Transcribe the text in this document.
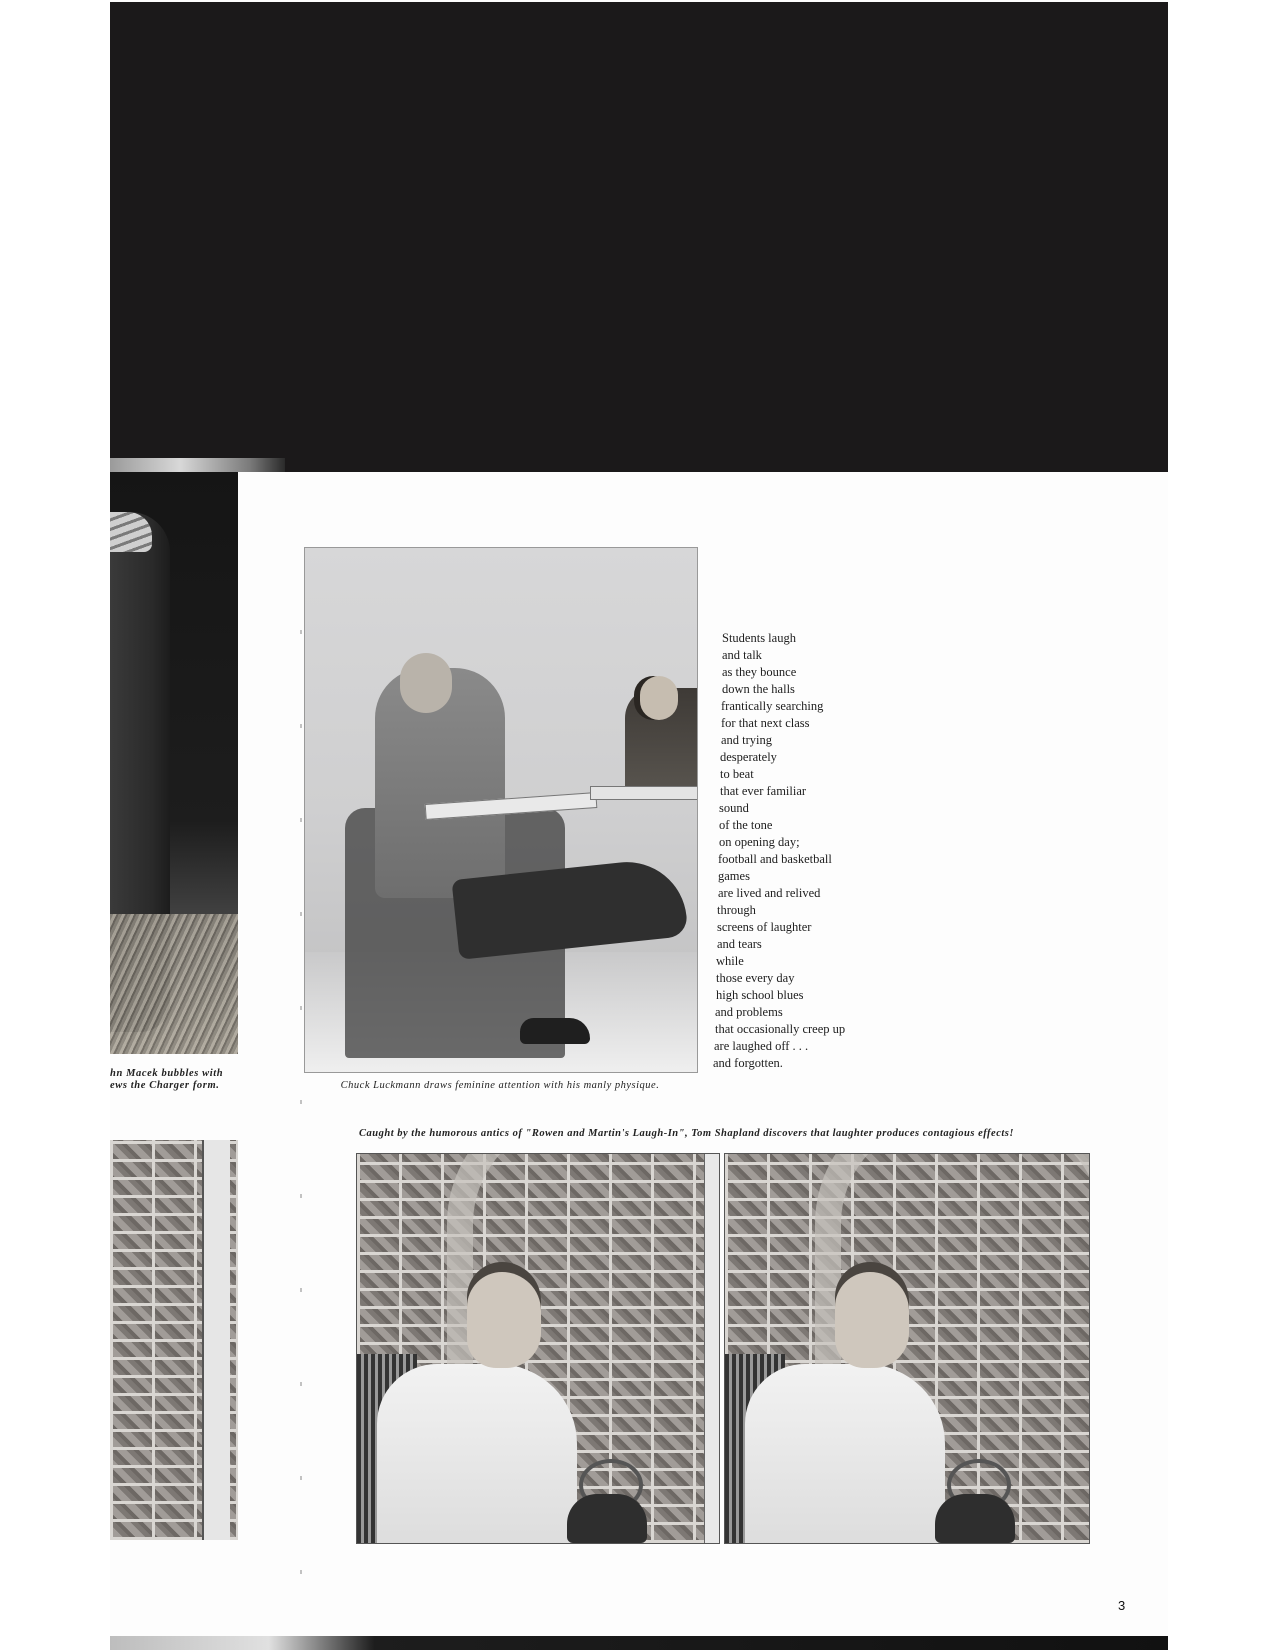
hn Macek bubbles with
ews the Charger form.	Chuck Luckmann draws feminine attention with his manly physique.
Students laugh
and talk
as they bounce
down the halls
frantically searching
for that next class
and trying
desperately
to beat
that ever familiar
sound
of the tone
on opening day;
football and basketball
games
are lived and relived
through
screens of laughter
and tears
while
those every day
high school blues
and problems
that occasionally creep up
are laughed off . . .
and forgotten.
Caught by the humorous antics of "Rowen and Martin's Laugh-In", Tom Shapland discovers that laughter produces contagious effects!
3
